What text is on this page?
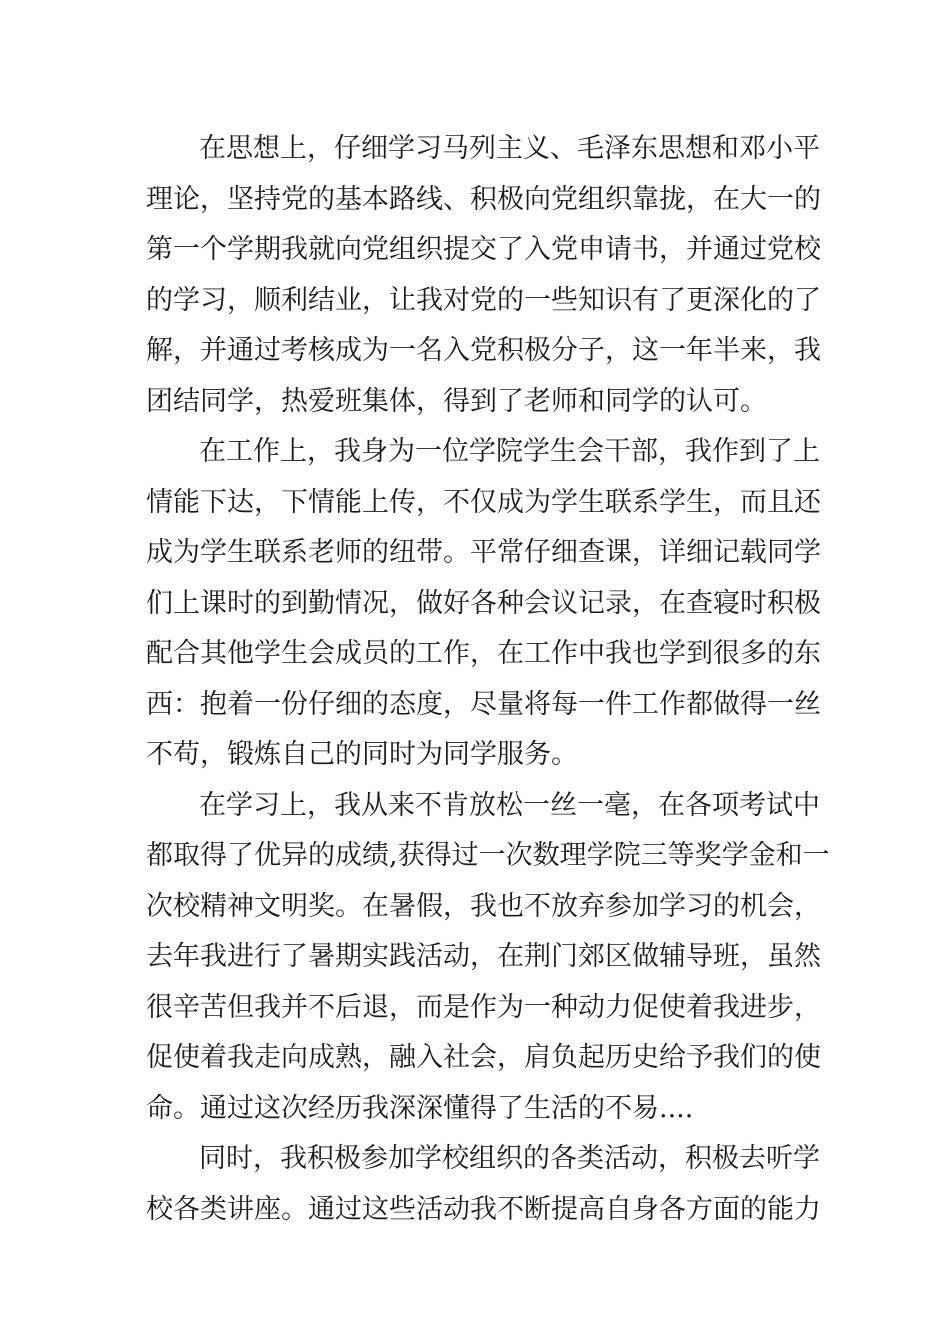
在思想上，仔细学习马列主义、毛泽东思想和邓小平
理论，坚持党的基本路线、积极向党组织靠拢，在大一的
第一个学期我就向党组织提交了入党申请书，并通过党校
的学习，顺利结业，让我对党的一些知识有了更深化的了
解，并通过考核成为一名入党积极分子，这一年半来，我
团结同学，热爱班集体，得到了老师和同学的认可。
在工作上，我身为一位学院学生会干部，我作到了上
情能下达，下情能上传，不仅成为学生联系学生，而且还
成为学生联系老师的纽带。平常仔细查课，详细记载同学
们上课时的到勤情况，做好各种会议记录，在查寝时积极
配合其他学生会成员的工作，在工作中我也学到很多的东
西：抱着一份仔细的态度，尽量将每一件工作都做得一丝
不苟，锻炼自己的同时为同学服务。
在学习上，我从来不肯放松一丝一毫，在各项考试中
都取得了优异的成绩,获得过一次数理学院三等奖学金和一
次校精神文明奖。在暑假，我也不放弃参加学习的机会，
去年我进行了暑期实践活动，在荆门郊区做辅导班，虽然
很辛苦但我并不后退，而是作为一种动力促使着我进步，
促使着我走向成熟，融入社会，肩负起历史给予我们的使
命。通过这次经历我深深懂得了生活的不易....
同时，我积极参加学校组织的各类活动，积极去听学
校各类讲座。通过这些活动我不断提高自身各方面的能力
